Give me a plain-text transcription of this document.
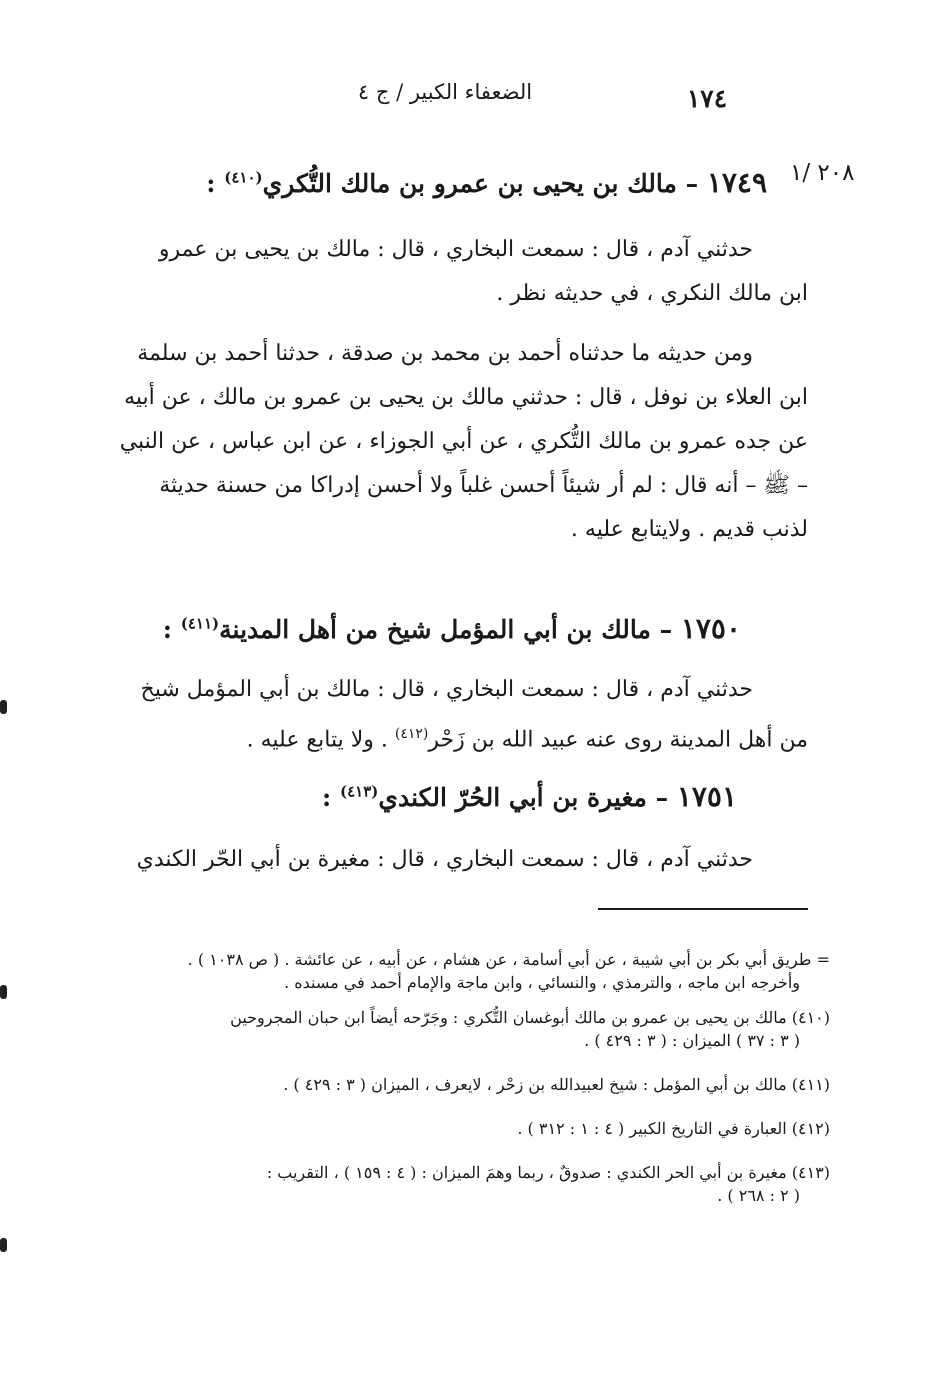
الضعفاء الكبير / ج ٤	١٧٤
٢٠٨ /١
١٧٤٩ – مالك بن يحيى بن عمرو بن مالك التُّكري$^{(٤١٠)}$ :
حدثني آدم ، قال : سمعت البخاري ، قال : مالك بن يحيى بن عمرو
ابن مالك النكري ، في حديثه نظر .
ومن حديثه ما حدثناه أحمد بن محمد بن صدقة ، حدثنا أحمد بن سلمة
ابن العلاء بن نوفل ، قال : حدثني مالك بن يحيى بن عمرو بن مالك ، عن أبيه
عن جده عمرو بن مالك التُّكري ، عن أبي الجوزاء ، عن ابن عباس ، عن النبي
– ﷺ – أنه قال : لم أر شيئاً أحسن غلباً ولا أحسن إدراكا من حسنة حديثة
لذنب قديم . ولايتابع عليه .
١٧٥٠ – مالك بن أبي المؤمل شيخ من أهل المدينة$^{(٤١١)}$ :
حدثني آدم ، قال : سمعت البخاري ، قال : مالك بن أبي المؤمل شيخ
من أهل المدينة روى عنه عبيد الله بن زَحْر$^{(٤١٢)}$ . ولا يتابع عليه .
١٧٥١ – مغيرة بن أبي الحُرّ الكندي$^{(٤١٣)}$ :
حدثني آدم ، قال : سمعت البخاري ، قال : مغيرة بن أبي الحّر الكندي
= طريق أبي بكر بن أبي شيبة ، عن أبي أسامة ، عن هشام ، عن أبيه ، عن عائشة . ( ص ١٠٣٨ ) .
وأخرجه ابن ماجه ، والترمذي ، والنسائي ، وابن ماجة والإمام أحمد في مسنده .
(٤١٠) مالك بن يحيى بن عمرو بن مالك أبوغسان التُّكري : وجَرّحه أيضاً ابن حبان المجروحين
( ٣ : ٣٧ ) الميزان : ( ٣ : ٤٢٩ ) .
(٤١١) مالك بن أبي المؤمل : شيخ لعبيدالله بن زحْر ، لايعرف ، الميزان ( ٣ : ٤٢٩ ) .
(٤١٢) العبارة في التاريخ الكبير ( ٤ : ١ : ٣١٢ ) .
(٤١٣) مغيرة بن أبي الحر الكندي : صدوقٌ ، ربما وهمَ الميزان : ( ٤ : ١٥٩ ) ، التقريب :
( ٢ : ٢٦٨ ) .
